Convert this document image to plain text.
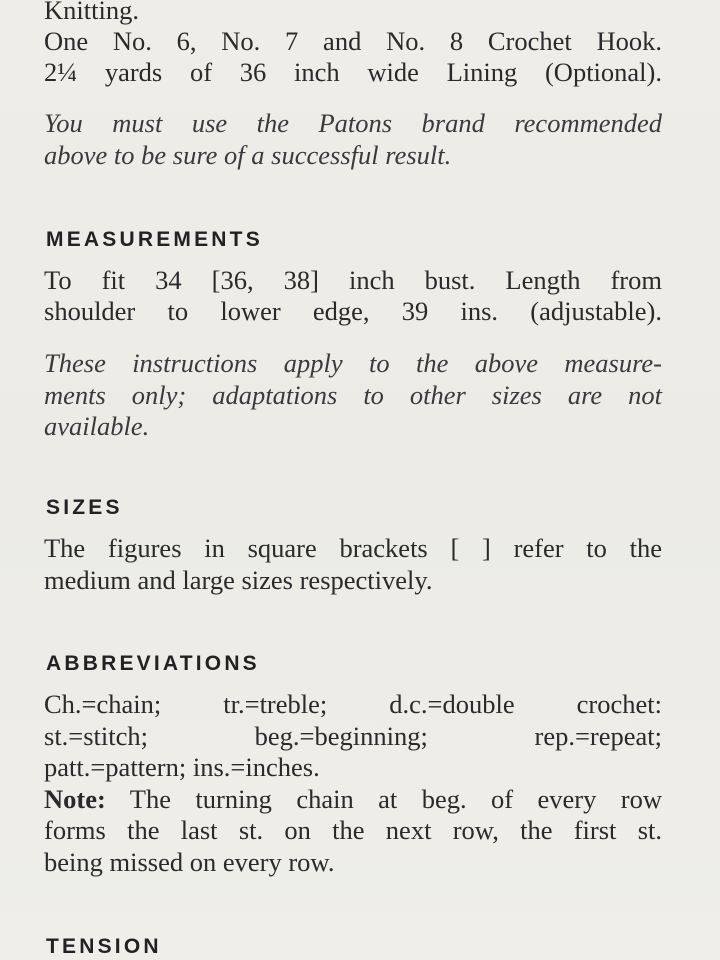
Knitting.
One No. 6, No. 7 and No. 8 Crochet Hook.
2¼ yards of 36 inch wide Lining (Optional).
You must use the Patons brand recommended
above to be sure of a successful result.
MEASUREMENTS
To fit 34 [36, 38] inch bust. Length from
shoulder to lower edge, 39 ins. (adjustable).
These instructions apply to the above measure-
ments only; adaptations to other sizes are not
available.
SIZES
The figures in square brackets [ ] refer to the
medium and large sizes respectively.
ABBREVIATIONS
Ch.=chain; tr.=treble; d.c.=double crochet:
st.=stitch; beg.=beginning; rep.=repeat;
patt.=pattern; ins.=inches.
Note: The turning chain at beg. of every row
forms the last st. on the next row, the first st.
being missed on every row.
TENSION
